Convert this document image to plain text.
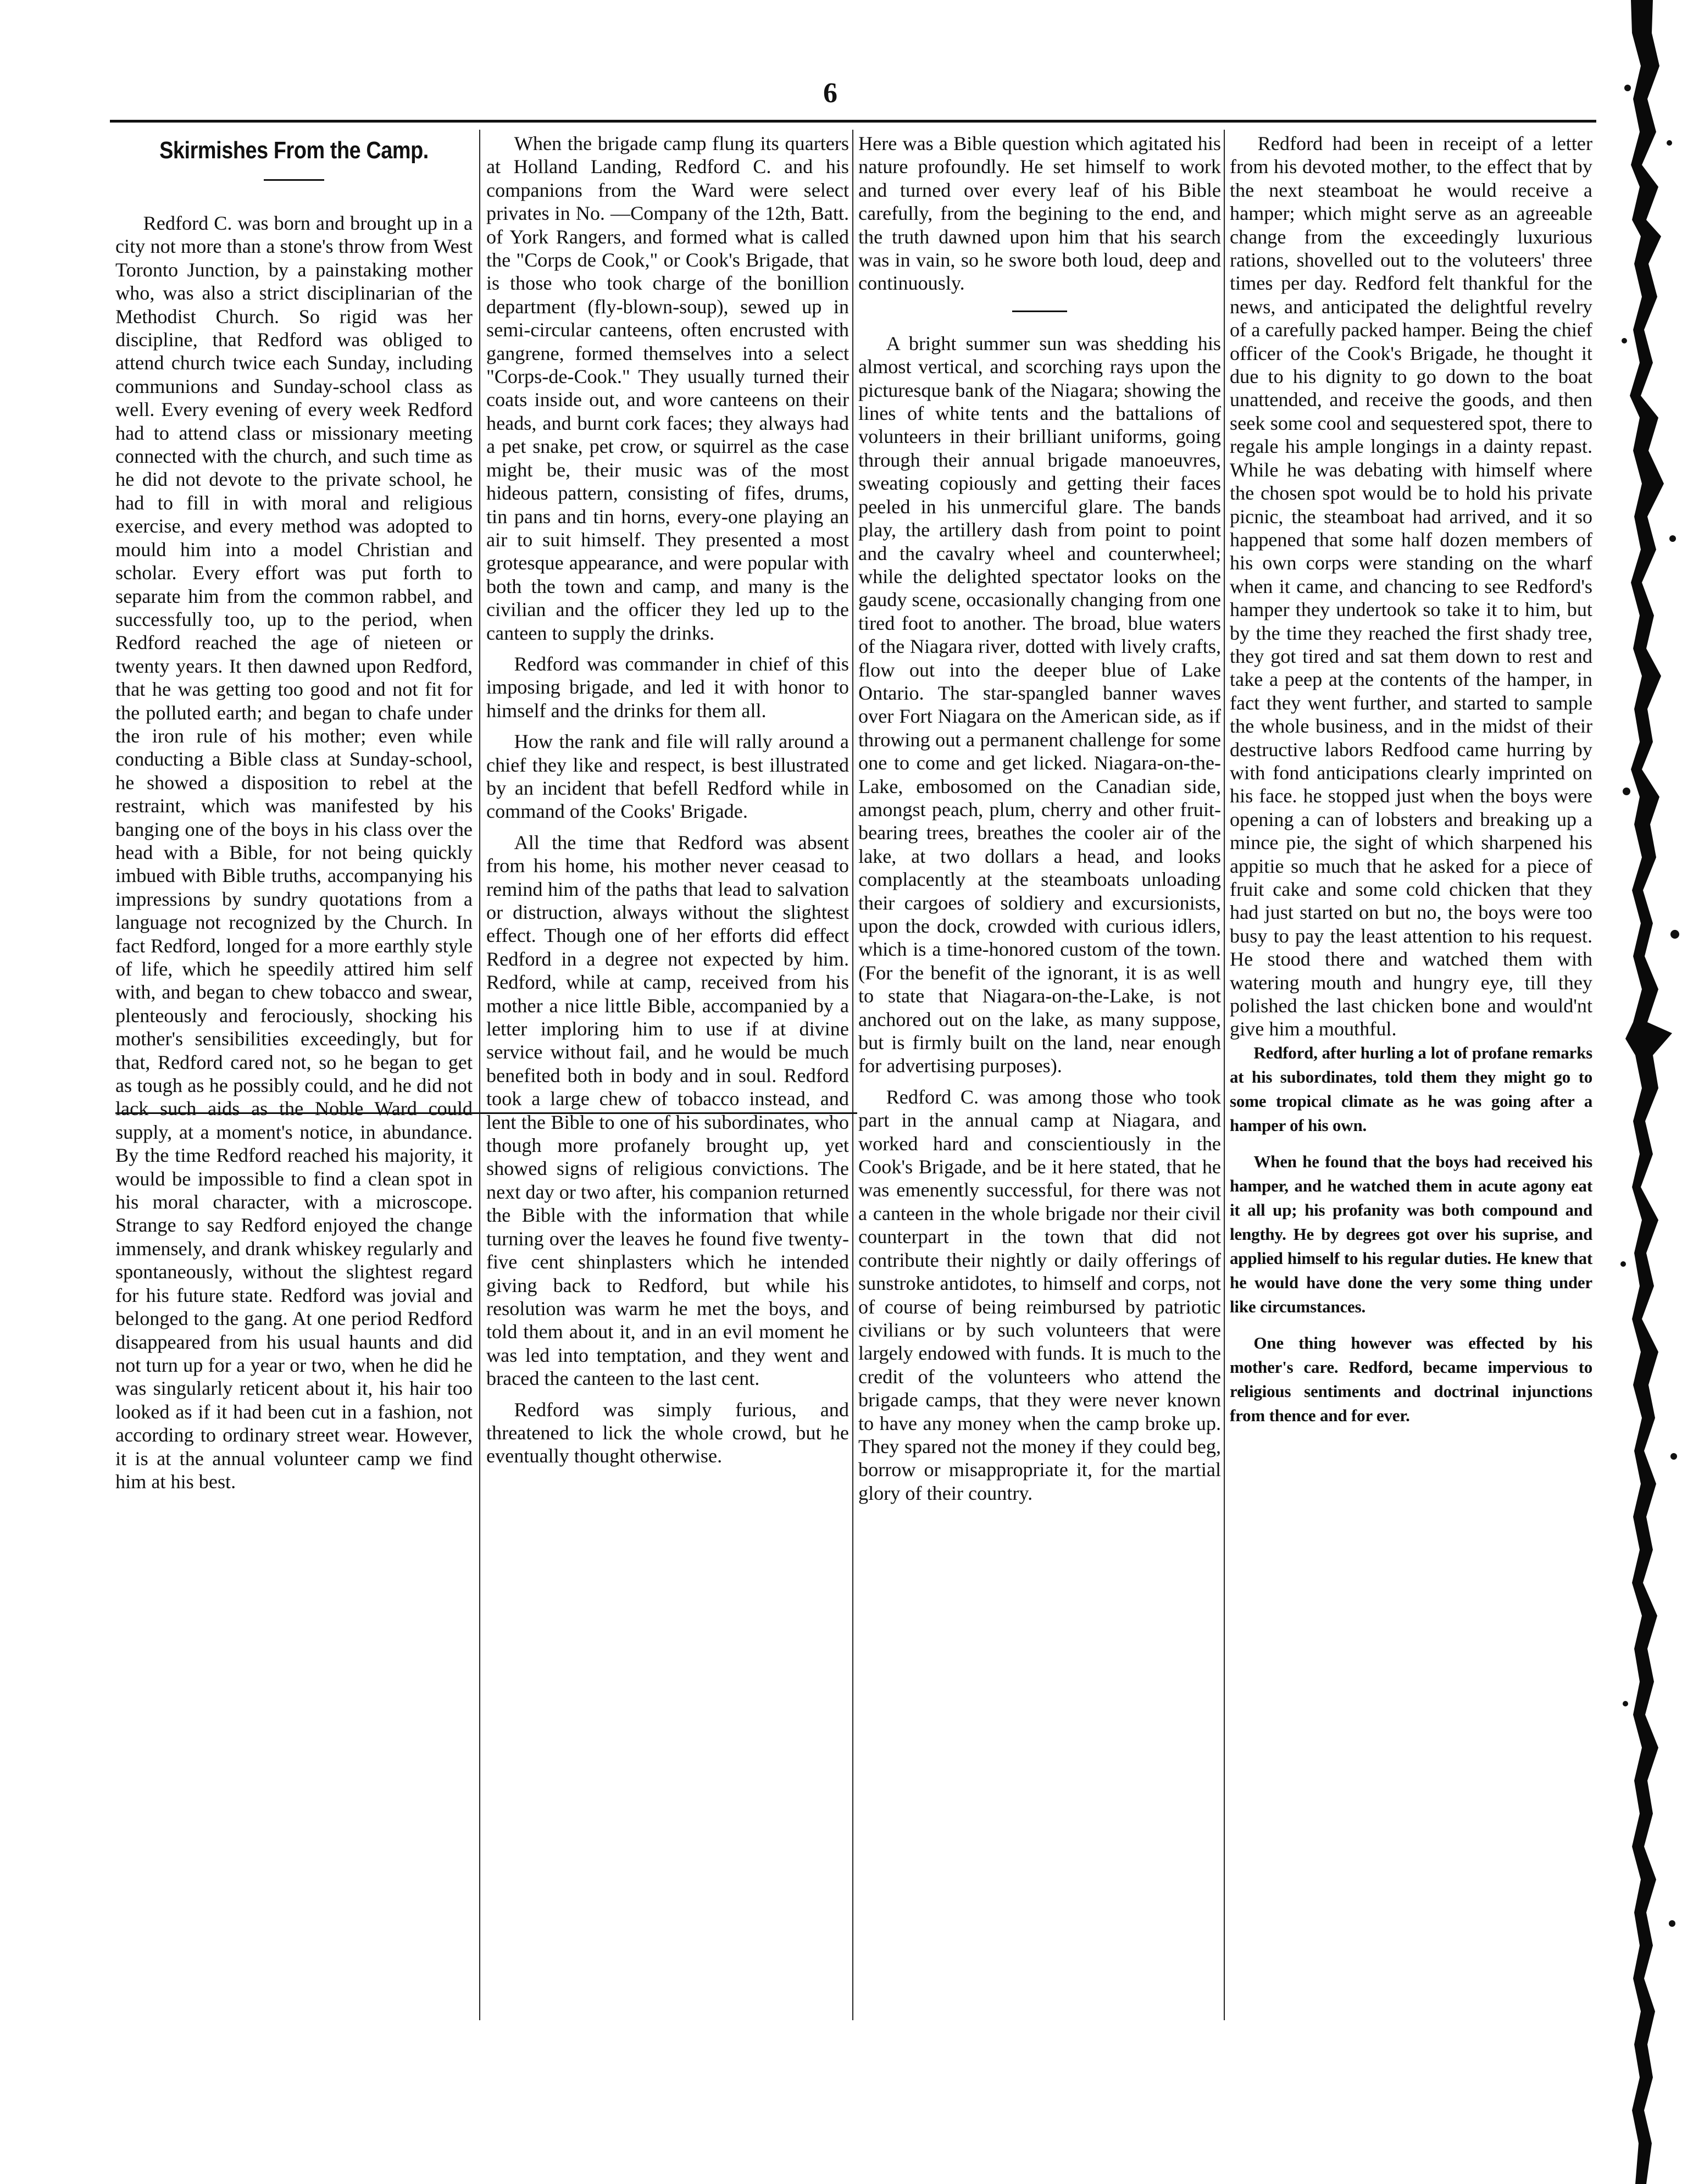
6
Skirmishes From the Camp.

Redford C. was born and brought up in a city not more than a stone's throw from West Toronto Junction, by a painstaking mother who, was also a strict disciplinarian of the Methodist Church. So rigid was her discipline, that Redford was obliged to attend church twice each Sunday, including communions and Sunday-school class as well. Every evening of every week Redford had to attend class or missionary meeting connected with the church, and such time as he did not devote to the private school, he had to fill in with moral and religious exercise, and every method was adopted to mould him into a model Christian and scholar. Every effort was put forth to separate him from the common rabbel, and successfully too, up to the period, when Redford reached the age of nieteen or twenty years. It then dawned upon Redford, that he was getting too good and not fit for the polluted earth; and began to chafe under the iron rule of his mother; even while conducting a Bible class at Sunday-school, he showed a disposition to rebel at the restraint, which was manifested by his banging one of the boys in his class over the head with a Bible, for not being quickly imbued with Bible truths, accompanying his impressions by sundry quotations from a language not recognized by the Church. In fact Redford, longed for a more earthly style of life, which he speedily attired him self with, and began to chew tobacco and swear, plenteously and ferociously, shocking his mother's sensibilities exceedingly, but for that, Redford cared not, so he began to get as tough as he possibly could, and he did not lack such aids as the Noble Ward could supply, at a moment's notice, in abundance. By the time Redford reached his majority, it would be impossible to find a clean spot in his moral character, with a microscope. Strange to say Redford enjoyed the change immensely, and drank whiskey regularly and spontaneously, without the slightest regard for his future state. Redford was jovial and belonged to the gang. At one period Redford disappeared from his usual haunts and did not turn up for a year or two, when he did he was singularly reticent about it, his hair too looked as if it had been cut in a fashion, not according to ordinary street wear. However, it is at the annual volunteer camp we find him at his best.

When the brigade camp flung its quarters at Holland Landing, Redford C. and his companions from the Ward were select privates in No. —Company of the 12th, Batt. of York Rangers, and formed what is called the "Corps de Cook," or Cook's Brigade, that is those who took charge of the bonillion department (fly-blown-soup), sewed up in semi-circular canteens, often encrusted with gangrene, formed themselves into a select "Corps-de-Cook." They usually turned their coats inside out, and wore canteens on their heads, and burnt cork faces; they always had a pet snake, pet crow, or squirrel as the case might be, their music was of the most hideous pattern, consisting of fifes, drums, tin pans and tin horns, every-one playing an air to suit himself. They presented a most grotesque appearance, and were popular with both the town and camp, and many is the civilian and the officer they led up to the canteen to supply the drinks.

Redford was commander in chief of this imposing brigade, and led it with honor to himself and the drinks for them all.

How the rank and file will rally around a chief they like and respect, is best illustrated by an incident that befell Redford while in command of the Cooks' Brigade.

All the time that Redford was absent from his home, his mother never ceasad to remind him of the paths that lead to salvation or distruction, always without the slightest effect. Though one of her efforts did effect Redford in a degree not expected by him. Redford, while at camp, received from his mother a nice little Bible, accompanied by a letter imploring him to use if at divine service without fail, and he would be much benefited both in body and in soul. Redford took a large chew of tobacco instead, and lent the Bible to one of his subordinates, who though more profanely brought up, yet showed signs of religious convictions. The next day or two after, his companion returned the Bible with the information that while turning over the leaves he found five twenty-five cent shinplasters which he intended giving back to Redford, but while his resolution was warm he met the boys, and told them about it, and in an evil moment he was led into temptation, and they went and braced the canteen to the last cent.

Redford was simply furious, and threatened to lick the whole crowd, but he eventually thought otherwise.

Here was a Bible question which agitated his nature profoundly. He set himself to work and turned over every leaf of his Bible carefully, from the begining to the end, and the truth dawned upon him that his search was in vain, so he swore both loud, deep and continuously.

A bright summer sun was shedding his almost vertical, and scorching rays upon the picturesque bank of the Niagara; showing the lines of white tents and the battalions of volunteers in their brilliant uniforms, going through their annual brigade manoeuvres, sweating copiously and getting their faces peeled in his unmerciful glare. The bands play, the artillery dash from point to point and the cavalry wheel and counterwheel; while the delighted spectator looks on the gaudy scene, occasionally changing from one tired foot to another. The broad, blue waters of the Niagara river, dotted with lively crafts, flow out into the deeper blue of Lake Ontario. The star-spangled banner waves over Fort Niagara on the American side, as if throwing out a permanent challenge for some one to come and get licked. Niagara-on-the-Lake, embosomed on the Canadian side, amongst peach, plum, cherry and other fruit-bearing trees, breathes the cooler air of the lake, at two dollars a head, and looks complacently at the steamboats unloading their cargoes of soldiery and excursionists, upon the dock, crowded with curious idlers, which is a time-honored custom of the town. (For the benefit of the ignorant, it is as well to state that Niagara-on-the-Lake, is not anchored out on the lake, as many suppose, but is firmly built on the land, near enough for advertising purposes).

Redford C. was among those who took part in the annual camp at Niagara, and worked hard and conscientiously in the Cook's Brigade, and be it here stated, that he was emenently successful, for there was not a canteen in the whole brigade nor their civil counterpart in the town that did not contribute their nightly or daily offerings of sunstroke antidotes, to himself and corps, not of course of being reimbursed by patriotic civilians or by such volunteers that were largely endowed with funds. It is much to the credit of the volunteers who attend the brigade camps, that they were never known to have any money when the camp broke up. They spared not the money if they could beg, borrow or misappropriate it, for the martial glory of their country.

Redford had been in receipt of a letter from his devoted mother, to the effect that by the next steamboat he would receive a hamper; which might serve as an agreeable change from the exceedingly luxurious rations, shovelled out to the voluteers' three times per day. Redford felt thankful for the news, and anticipated the delightful revelry of a carefully packed hamper. Being the chief officer of the Cook's Brigade, he thought it due to his dignity to go down to the boat unattended, and receive the goods, and then seek some cool and sequestered spot, there to regale his ample longings in a dainty repast. While he was debating with himself where the chosen spot would be to hold his private picnic, the steamboat had arrived, and it so happened that some half dozen members of his own corps were standing on the wharf when it came, and chancing to see Redford's hamper they undertook so take it to him, but by the time they reached the first shady tree, they got tired and sat them down to rest and take a peep at the contents of the hamper, in fact they went further, and started to sample the whole business, and in the midst of their destructive labors Redfood came hurring by with fond anticipations clearly imprinted on his face. he stopped just when the boys were opening a can of lobsters and breaking up a mince pie, the sight of which sharpened his appitie so much that he asked for a piece of fruit cake and some cold chicken that they had just started on but no, the boys were too busy to pay the least attention to his request. He stood there and watched them with watering mouth and hungry eye, till they polished the last chicken bone and would'nt give him a mouthful.

Redford, after hurling a lot of profane remarks at his subordinates, told them they might go to some tropical climate as he was going after a hamper of his own.

When he found that the boys had received his hamper, and he watched them in acute agony eat it all up; his profanity was both compound and lengthy. He by degrees got over his suprise, and applied himself to his regular duties. He knew that he would have done the very some thing under like circumstances.

One thing however was effected by his mother's care. Redford, became impervious to religious sentiments and doctrinal injunctions from thence and for ever.
